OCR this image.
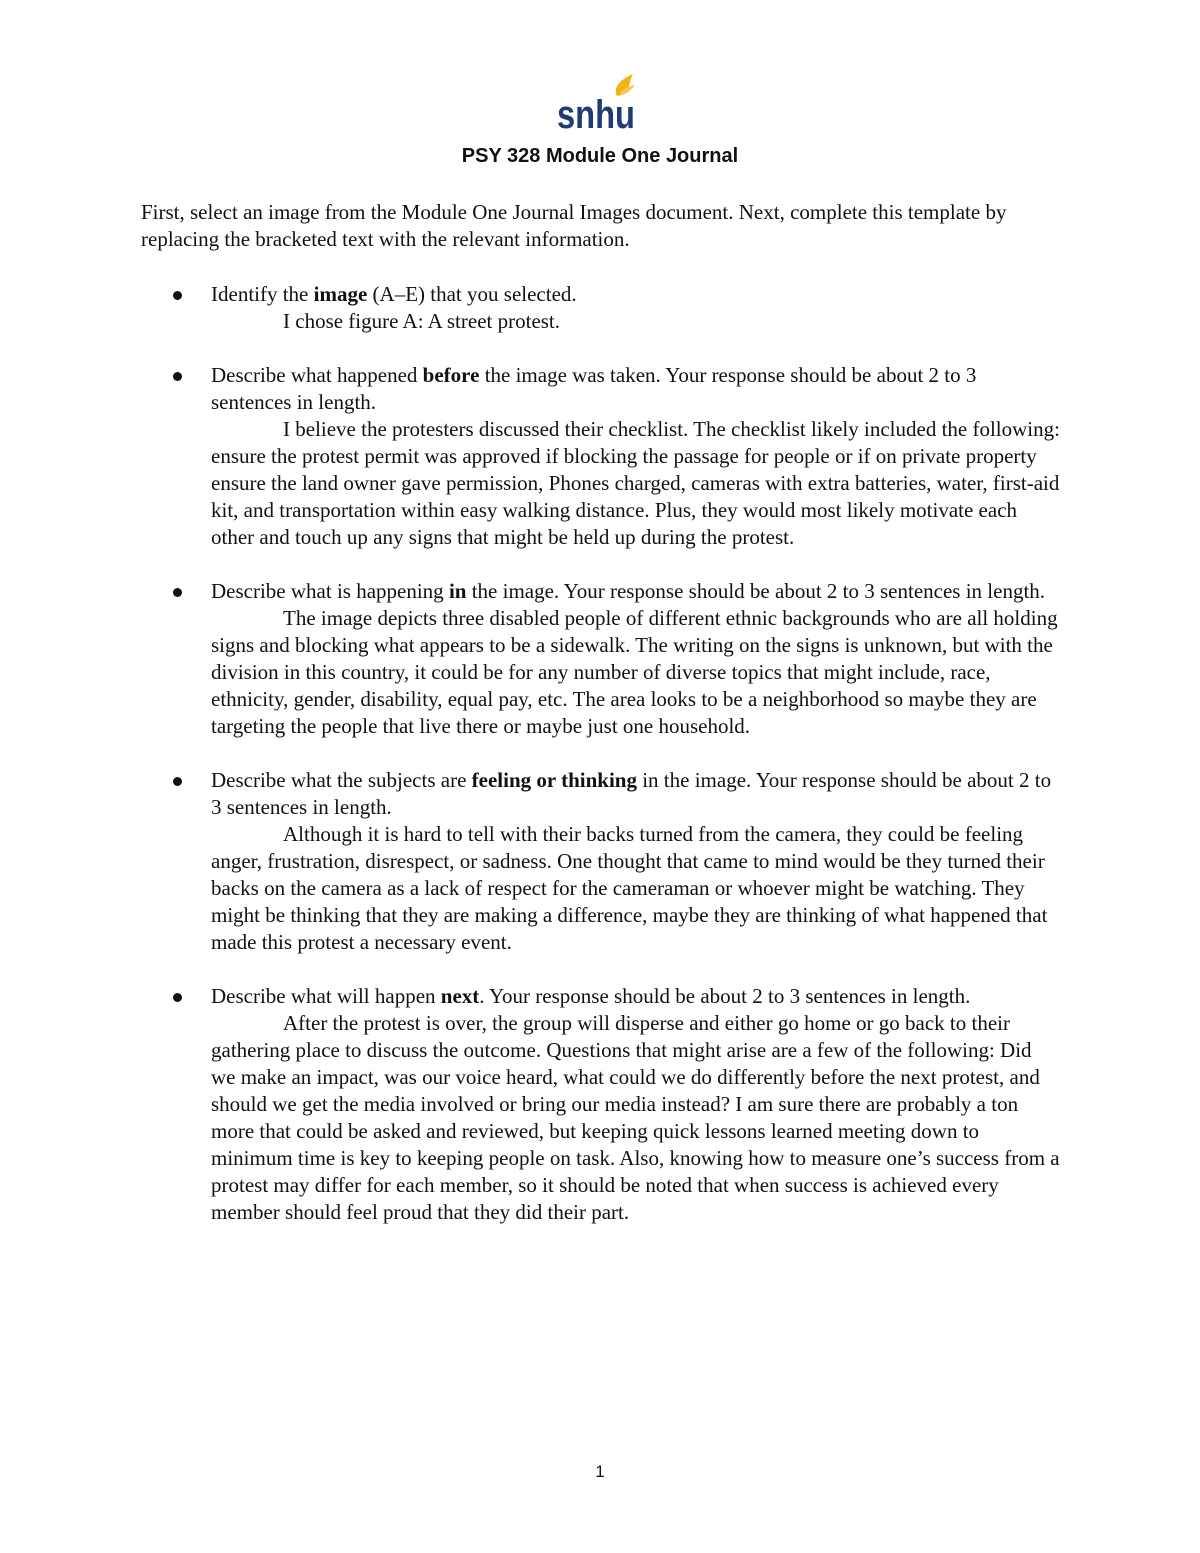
snhu
PSY 328 Module One Journal

First, select an image from the Module One Journal Images document. Next, complete this template by replacing the bracketed text with the relevant information.

Identify the image (A–E) that you selected.
I chose figure A: A street protest.
Describe what happened before the image was taken. Your response should be about 2 to 3 sentences in length.
I believe the protesters discussed their checklist. The checklist likely included the following: ensure the protest permit was approved if blocking the passage for people or if on private property ensure the land owner gave permission, Phones charged, cameras with extra batteries, water, first-aid kit, and transportation within easy walking distance. Plus, they would most likely motivate each other and touch up any signs that might be held up during the protest.
Describe what is happening in the image. Your response should be about 2 to 3 sentences in length.
The image depicts three disabled people of different ethnic backgrounds who are all holding signs and blocking what appears to be a sidewalk. The writing on the signs is unknown, but with the division in this country, it could be for any number of diverse topics that might include, race, ethnicity, gender, disability, equal pay, etc. The area looks to be a neighborhood so maybe they are targeting the people that live there or maybe just one household.
Describe what the subjects are feeling or thinking in the image. Your response should be about 2 to 3 sentences in length.
Although it is hard to tell with their backs turned from the camera, they could be feeling anger, frustration, disrespect, or sadness. One thought that came to mind would be they turned their backs on the camera as a lack of respect for the cameraman or whoever might be watching. They might be thinking that they are making a difference, maybe they are thinking of what happened that made this protest a necessary event.
Describe what will happen next. Your response should be about 2 to 3 sentences in length.
After the protest is over, the group will disperse and either go home or go back to their gathering place to discuss the outcome. Questions that might arise are a few of the following: Did we make an impact, was our voice heard, what could we do differently before the next protest, and should we get the media involved or bring our media instead? I am sure there are probably a ton more that could be asked and reviewed, but keeping quick lessons learned meeting down to minimum time is key to keeping people on task. Also, knowing how to measure one’s success from a protest may differ for each member, so it should be noted that when success is achieved every member should feel proud that they did their part.
1
